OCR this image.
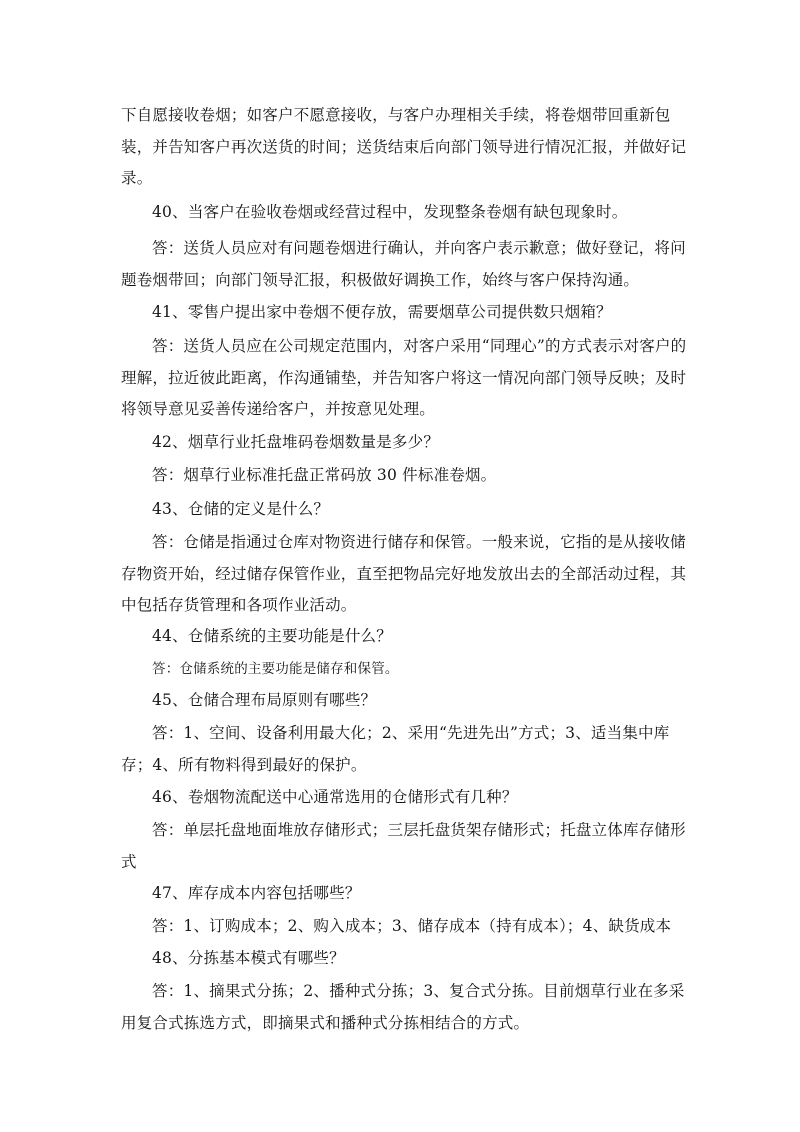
下自愿接收卷烟；如客户不愿意接收，与客户办理相关手续，将卷烟带回重新包装，并告知客户再次送货的时间；送货结束后向部门领导进行情况汇报，并做好记录。
40、当客户在验收卷烟或经营过程中，发现整条卷烟有缺包现象时。
答：送货人员应对有问题卷烟进行确认，并向客户表示歉意；做好登记，将问题卷烟带回；向部门领导汇报，积极做好调换工作，始终与客户保持沟通。
41、零售户提出家中卷烟不便存放，需要烟草公司提供数只烟箱？
答：送货人员应在公司规定范围内，对客户采用“同理心”的方式表示对客户的理解，拉近彼此距离，作沟通铺垫，并告知客户将这一情况向部门领导反映；及时将领导意见妥善传递给客户，并按意见处理。
42、烟草行业托盘堆码卷烟数量是多少？
答：烟草行业标准托盘正常码放 30 件标准卷烟。
43、仓储的定义是什么？
答：仓储是指通过仓库对物资进行储存和保管。一般来说，它指的是从接收储存物资开始，经过储存保管作业，直至把物品完好地发放出去的全部活动过程，其中包括存货管理和各项作业活动。
44、仓储系统的主要功能是什么？
答：仓储系统的主要功能是储存和保管。
45、仓储合理布局原则有哪些？
答：1、空间、设备利用最大化；2、采用“先进先出”方式；3、适当集中库存；4、所有物料得到最好的保护。
46、卷烟物流配送中心通常选用的仓储形式有几种？
答：单层托盘地面堆放存储形式；三层托盘货架存储形式；托盘立体库存储形式
47、库存成本内容包括哪些？
答：1、订购成本；2、购入成本；3、储存成本（持有成本）；4、缺货成本
48、分拣基本模式有哪些？
答：1、摘果式分拣；2、播种式分拣；3、复合式分拣。目前烟草行业在多采用复合式拣选方式，即摘果式和播种式分拣相结合的方式。
